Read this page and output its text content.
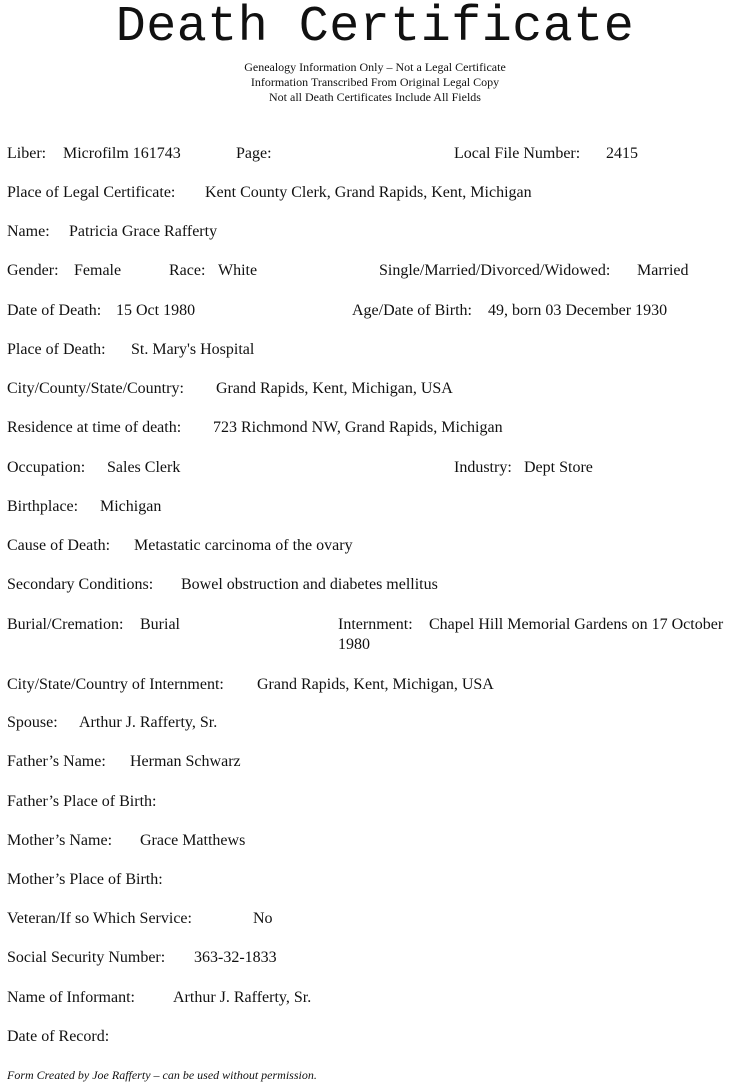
Death Certificate
Genealogy Information Only – Not a Legal Certificate
Information Transcribed From Original Legal Copy
Not all Death Certificates Include All Fields
Liber: Microfilm 161743	Page:	Local File Number: 2415
Place of Legal Certificate: Kent County Clerk, Grand Rapids, Kent, Michigan
Name: Patricia Grace Rafferty
Gender: Female	Race: White	Single/Married/Divorced/Widowed: Married
Date of Death: 15 Oct 1980	Age/Date of Birth: 49, born 03 December 1930
Place of Death: St. Mary's Hospital
City/County/State/Country: Grand Rapids, Kent, Michigan, USA
Residence at time of death: 723 Richmond NW, Grand Rapids, Michigan
Occupation: Sales Clerk	Industry: Dept Store
Birthplace: Michigan
Cause of Death: Metastatic carcinoma of the ovary
Secondary Conditions: Bowel obstruction and diabetes mellitus
Burial/Cremation: Burial	Internment: Chapel Hill Memorial Gardens on 17 October
1980
City/State/Country of Internment: Grand Rapids, Kent, Michigan, USA
Spouse: Arthur J. Rafferty, Sr.
Father’s Name: Herman Schwarz
Father’s Place of Birth:
Mother’s Name: Grace Matthews
Mother’s Place of Birth:
Veteran/If so Which Service:	No
Social Security Number: 363-32-1833
Name of Informant: Arthur J. Rafferty, Sr.
Date of Record:
Form Created by Joe Rafferty – can be used without permission.
